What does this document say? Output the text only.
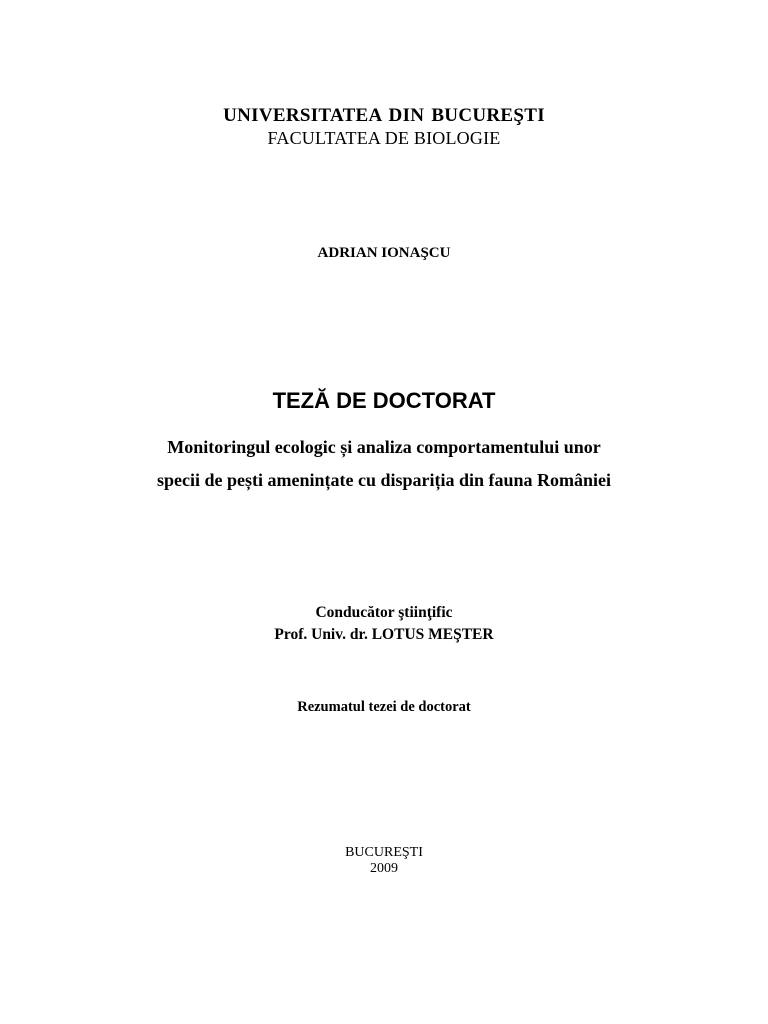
UNIVERSITATEA DIN BUCUREŞTI
FACULTATEA DE BIOLOGIE
ADRIAN IONAŞCU
TEZĂ DE DOCTORAT
Monitoringul ecologic și analiza comportamentului unor
specii de pești amenințate cu dispariția din fauna României
Conducător ştiinţific
Prof. Univ. dr. LOTUS MEŞTER
Rezumatul tezei de doctorat
BUCUREŞTI
2009
